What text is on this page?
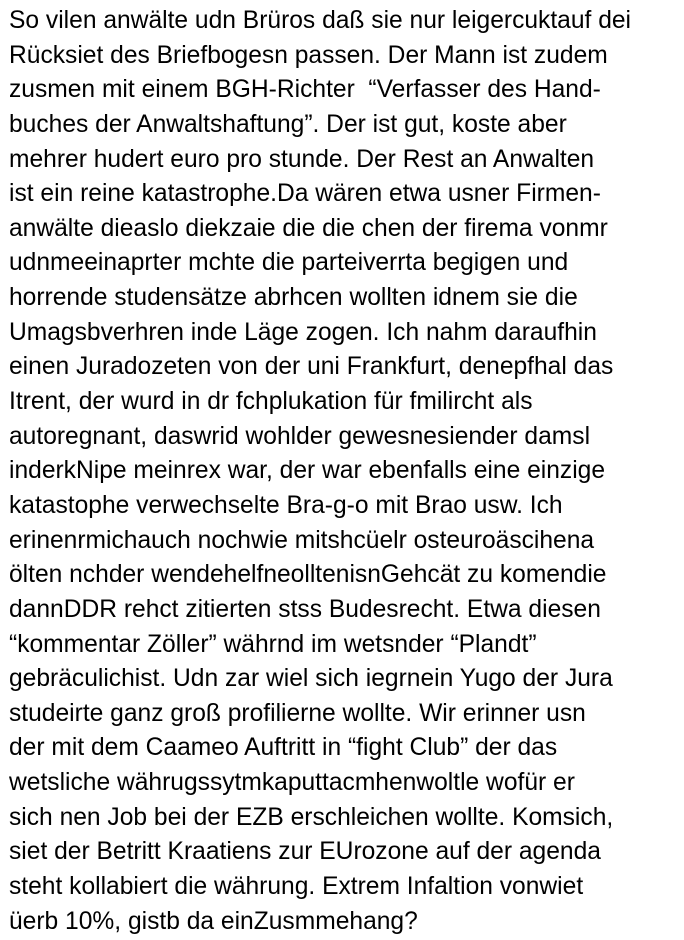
So vilen anwälte udn Brüros daß sie nur leigercuktauf dei
Rücksiet des Briefbogesn passen. Der Mann ist zudem
zusmen mit einem BGH-Richter  “Verfasser des Hand-
buches der Anwaltshaftung”. Der ist gut, koste aber
mehrer hudert euro pro stunde. Der Rest an Anwalten
ist ein reine katastrophe.Da wären etwa usner Firmen-
anwälte dieaslo diekzaie die die chen der firema vonmr
udnmeeinaprter mchte die parteiverrta begigen und
horrende studensätze abrhcen wollten idnem sie die
Umagsbverhren inde Läge zogen. Ich nahm daraufhin
einen Juradozeten von der uni Frankfurt, denepfhal das
Itrent, der wurd in dr fchplukation für fmilircht als
autoregnant, daswrid wohlder gewesnesiender damsl
inderkNipe meinrex war, der war ebenfalls eine einzige
katastophe verwechselte Bra-g-o mit Brao usw. Ich
erinenrmichauch nochwie mitshcüelr osteuroäscihena
ölten nchder wendehelfneolltenisnGehcät zu komendie
dannDDR rehct zitierten stss Budesrecht. Etwa diesen
“kommentar Zöller” währnd im wetsnder “Plandt”
gebräculichist. Udn zar wiel sich iegrnein Yugo der Jura
studeirte ganz groß profilierne wollte. Wir erinner usn
der mit dem Caameo Auftritt in “fight Club” der das
wetsliche währugssytmkaputtacmhenwoltle wofür er
sich nen Job bei der EZB erschleichen wollte. Komsich,
siet der Betritt Kraatiens zur EUrozone auf der agenda
steht kollabiert die währung. Extrem Infaltion vonwiet
üerb 10%, gistb da einZusmmehang?
